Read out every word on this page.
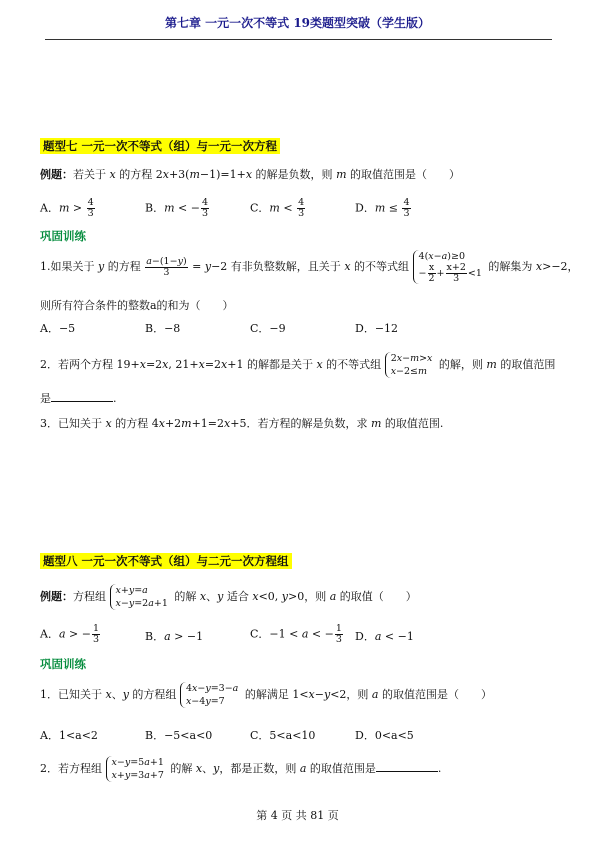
第七章 一元一次不等式 19类题型突破（学生版）
题型七 一元一次不等式（组）与一元一次方程
例题：若关于 x 的方程 2x+3(m−1)=1+x 的解是负数，则 m 的取值范围是（　　）
A．$m > \frac{4}{3}$	B．m < − $\frac{4}{3}$	C．$m < \frac{4}{3}$	D．$m \le \frac{4}{3}$
巩固训练
1.如果关于 y 的方程 $\frac{a-(1-y)}{3} = y-2$ 有非负整数解，且关于 x 的不等式组
4(x−a)≥0
− $\frac{x}{2} + \frac{x+2}{3} <1$
的解集为 x>−2，
则所有符合条件的整数a的和为（　　）
A．−5	B．−8	C．−9	D．−12
2．若两个方程 19+x=2x, 21+x=2x+1 的解都是关于 x 的不等式组 2x−m>x
x−2≤m
的解，则 m 的取值范围
是	.
3．已知关于 x 的方程 4x+2m+1=2x+5．若方程的解是负数，求 m 的取值范围.
题型八 一元一次不等式（组）与二元一次方程组
例题：方程组 x+y=a
x−y=2a+1
的解 x、y 适合 x<0, y>0，则 a 的取值（　　）
A．a > − $\frac{1}{3}$	B．a > −1	C．−1 < a < − $\frac{1}{3}$ D．a < −1
巩固训练
1．已知关于 x、y 的方程组 4x−y=3−a
x−4y=7
的解满足 1<x−y<2，则 a 的取值范围是（　　）
A．1<a<2	B．−5<a<0	C．5<a<10	D．0<a<5
2．若方程组 x−y=5a+1
x+y=3a+7
的解 x、y，都是正数，则 a 的取值范围是	.
第 4 页 共 81 页
